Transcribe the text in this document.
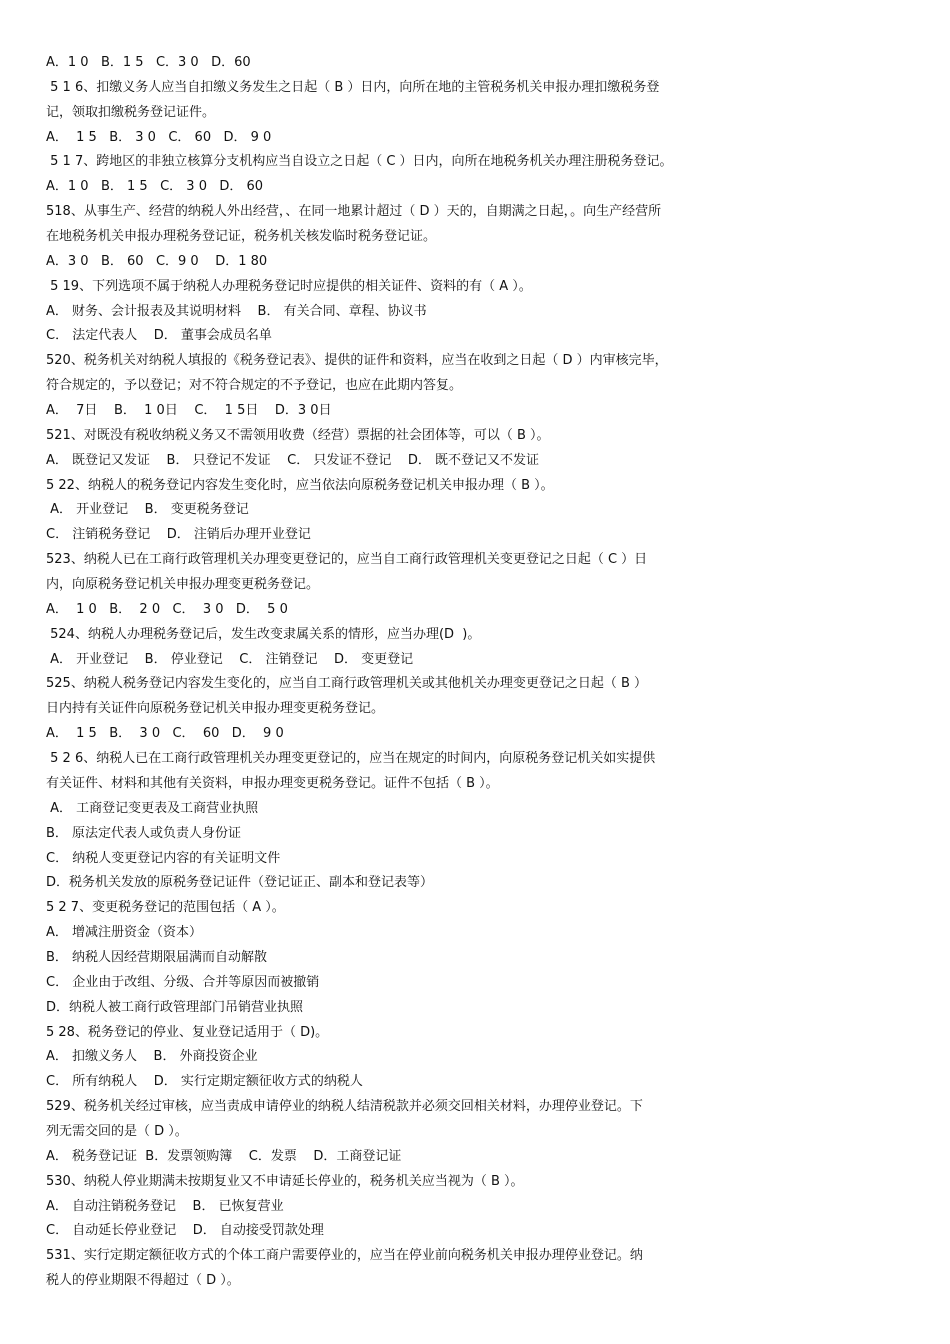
A．1 0   B．1 5   C．3 0   D．60
5 1 6、扣缴义务人应当自扣缴义务发生之日起（ B ）日内，向所在地的主管税务机关申报办理扣缴税务登
记，领取扣缴税务登记证件。
A．  1 5   B． 3 0   C． 60   D． 9 0
5 1 7、跨地区的非独立核算分支机构应当自设立之日起（ C ）日内，向所在地税务机关办理注册税务登记。
A．1 0   B． 1 5   C． 3 0   D． 60
518、从事生产、经营的纳税人外出经营，、在同一地累计超过（ D ）天的，自期满之日起，。向生产经营所
在地税务机关申报办理税务登记证，税务机关核发临时税务登记证。
A．3 0   B． 60   C．9 0    D．1 80
5 19、下列选项不属于纳税人办理税务登记时应提供的相关证件、资料的有（ A ）。
A． 财务、会计报表及其说明材料    B． 有关合同、章程、协议书
C． 法定代表人    D． 董事会成员名单
520、税务机关对纳税人填报的《税务登记表》、提供的证件和资料，应当在收到之日起（ D ）内审核完毕，
符合规定的，予以登记；对不符合规定的不予登记，也应在此期内答复。
A．  7日    B．  1 0日    C．  1 5日    D．3 0日
521、对既没有税收纳税义务又不需领用收费（经营）票据的社会团体等，可以（ B ）。
A． 既登记又发证    B． 只登记不发证    C． 只发证不登记    D． 既不登记又不发证
5 22、纳税人的税务登记内容发生变化时，应当依法向原税务登记机关申报办理（ B ）。
A． 开业登记    B． 变更税务登记
C． 注销税务登记    D． 注销后办理开业登记
523、纳税人已在工商行政管理机关办理变更登记的，应当自工商行政管理机关变更登记之日起（ C ）日
内，向原税务登记机关申报办理变更税务登记。
A．  1 0   B．  2 0   C．  3 0   D．  5 0
524、纳税人办理税务登记后，发生改变隶属关系的情形，应当办理(D  )。
A． 开业登记    B． 停业登记    C． 注销登记    D． 变更登记
525、纳税人税务登记内容发生变化的，应当自工商行政管理机关或其他机关办理变更登记之日起（ B ）
日内持有关证件向原税务登记机关申报办理变更税务登记。
A．  1 5   B．  3 0   C．  60   D．  9 0
5 2 6、纳税人已在工商行政管理机关办理变更登记的，应当在规定的时间内，向原税务登记机关如实提供
有关证件、材料和其他有关资料，申报办理变更税务登记。证件不包括（ B ）。
A． 工商登记变更表及工商营业执照
B． 原法定代表人或负责人身份证
C． 纳税人变更登记内容的有关证明文件
D．税务机关发放的原税务登记证件（登记证正、副本和登记表等）
5 2 7、变更税务登记的范围包括（ A ）。
A． 增减注册资金（资本）
B． 纳税人因经营期限届满而自动解散
C． 企业由于改组、分级、合并等原因而被撤销
D．纳税人被工商行政管理部门吊销营业执照
5 28、税务登记的停业、复业登记适用于（ D)。
A． 扣缴义务人    B． 外商投资企业
C． 所有纳税人    D． 实行定期定额征收方式的纳税人
529、税务机关经过审核，应当责成申请停业的纳税人结清税款并必须交回相关材料，办理停业登记。下
列无需交回的是（ D ）。
A． 税务登记证  B．发票领购簿    C．发票    D．工商登记证
530、纳税人停业期满未按期复业又不申请延长停业的，税务机关应当视为（ B ）。
A． 自动注销税务登记    B． 已恢复营业
C． 自动延长停业登记    D． 自动接受罚款处理
531、实行定期定额征收方式的个体工商户需要停业的，应当在停业前向税务机关申报办理停业登记。纳
税人的停业期限不得超过（ D ）。
